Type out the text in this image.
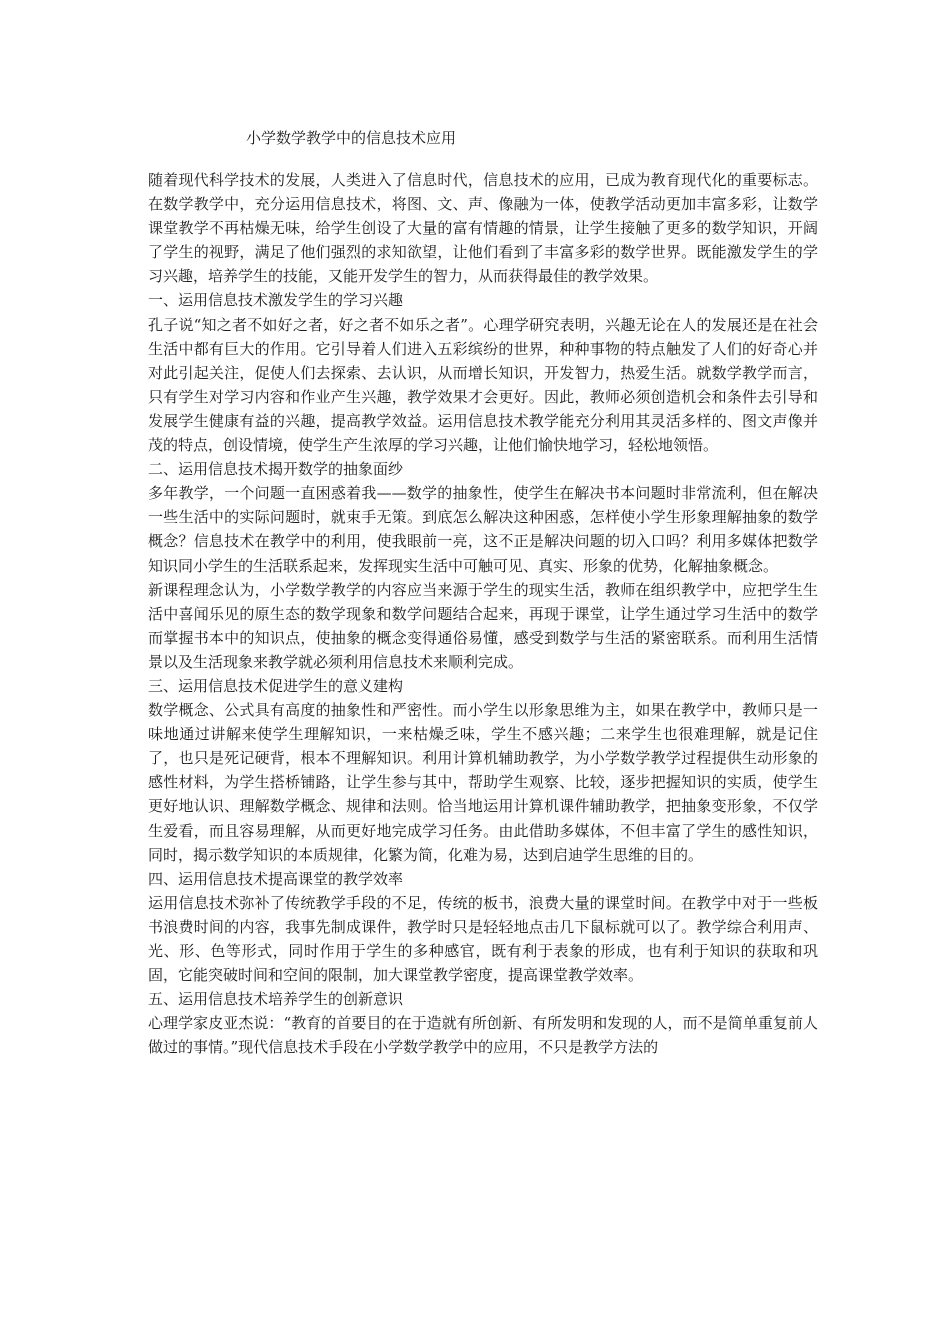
小学数学教学中的信息技术应用

随着现代科学技术的发展，人类进入了信息时代，信息技术的应用，已成为教育现代化的重要标志。在数学教学中，充分运用信息技术，将图、文、声、像融为一体，使教学活动更加丰富多彩，让数学课堂教学不再枯燥无味，给学生创设了大量的富有情趣的情景，让学生接触了更多的数学知识，开阔了学生的视野，满足了他们强烈的求知欲望，让他们看到了丰富多彩的数学世界。既能激发学生的学习兴趣，培养学生的技能，又能开发学生的智力，从而获得最佳的教学效果。

一、运用信息技术激发学生的学习兴趣

孔子说“知之者不如好之者，好之者不如乐之者”。心理学研究表明，兴趣无论在人的发展还是在社会生活中都有巨大的作用。它引导着人们进入五彩缤纷的世界，种种事物的特点触发了人们的好奇心并对此引起关注，促使人们去探索、去认识，从而增长知识，开发智力，热爱生活。就数学教学而言，只有学生对学习内容和作业产生兴趣，教学效果才会更好。因此，教师必须创造机会和条件去引导和发展学生健康有益的兴趣，提高教学效益。运用信息技术教学能充分利用其灵活多样的、图文声像并茂的特点，创设情境，使学生产生浓厚的学习兴趣，让他们愉快地学习，轻松地领悟。

二、运用信息技术揭开数学的抽象面纱

多年教学，一个问题一直困惑着我——数学的抽象性，使学生在解决书本问题时非常流利，但在解决一些生活中的实际问题时，就束手无策。到底怎么解决这种困惑，怎样使小学生形象理解抽象的数学概念？信息技术在教学中的利用，使我眼前一亮，这不正是解决问题的切入口吗？利用多媒体把数学知识同小学生的生活联系起来，发挥现实生活中可触可见、真实、形象的优势，化解抽象概念。

新课程理念认为，小学数学教学的内容应当来源于学生的现实生活，教师在组织教学中，应把学生生活中喜闻乐见的原生态的数学现象和数学问题结合起来，再现于课堂，让学生通过学习生活中的数学而掌握书本中的知识点，使抽象的概念变得通俗易懂，感受到数学与生活的紧密联系。而利用生活情景以及生活现象来教学就必须利用信息技术来顺利完成。

三、运用信息技术促进学生的意义建构

数学概念、公式具有高度的抽象性和严密性。而小学生以形象思维为主，如果在教学中，教师只是一味地通过讲解来使学生理解知识，一来枯燥乏味，学生不感兴趣；二来学生也很难理解，就是记住了，也只是死记硬背，根本不理解知识。利用计算机辅助教学，为小学数学教学过程提供生动形象的感性材料，为学生搭桥铺路，让学生参与其中，帮助学生观察、比较，逐步把握知识的实质，使学生更好地认识、理解数学概念、规律和法则。恰当地运用计算机课件辅助教学，把抽象变形象，不仅学生爱看，而且容易理解，从而更好地完成学习任务。由此借助多媒体，不但丰富了学生的感性知识，同时，揭示数学知识的本质规律，化繁为简，化难为易，达到启迪学生思维的目的。

四、运用信息技术提高课堂的教学效率

运用信息技术弥补了传统教学手段的不足，传统的板书，浪费大量的课堂时间。在教学中对于一些板书浪费时间的内容，我事先制成课件，教学时只是轻轻地点击几下鼠标就可以了。教学综合利用声、光、形、色等形式，同时作用于学生的多种感官，既有利于表象的形成，也有利于知识的获取和巩固，它能突破时间和空间的限制，加大课堂教学密度，提高课堂教学效率。

五、运用信息技术培养学生的创新意识

心理学家皮亚杰说：“教育的首要目的在于造就有所创新、有所发明和发现的人，而不是简单重复前人做过的事情。”现代信息技术手段在小学数学教学中的应用，不只是教学方法的
